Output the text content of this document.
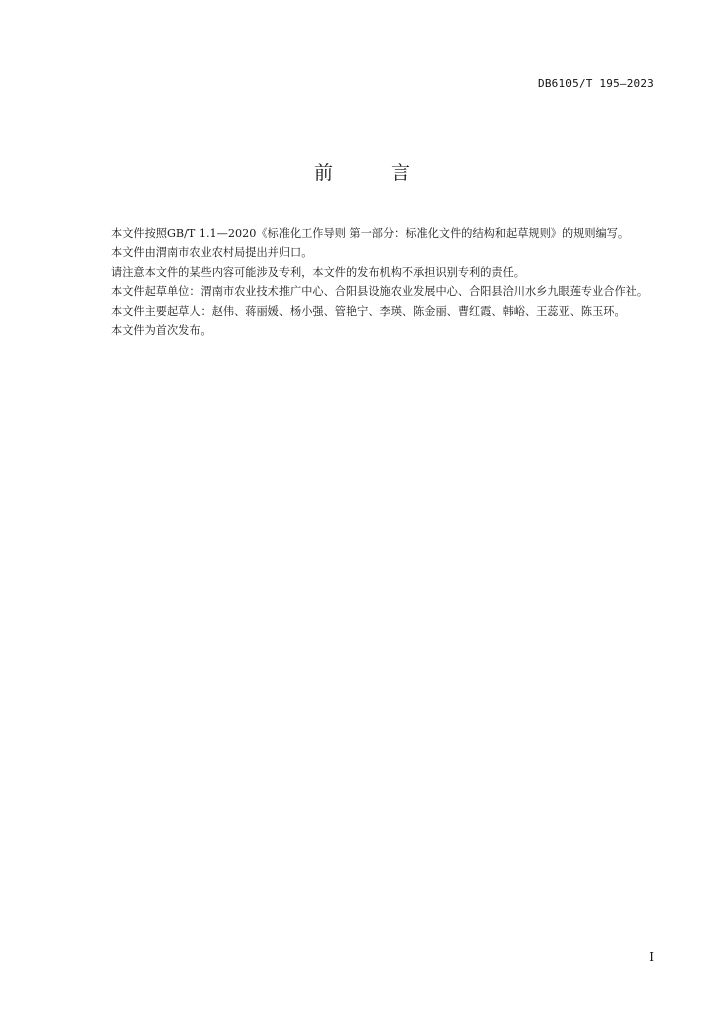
DB6105/T 195—2023
前 言

本文件按照GB/T 1.1—2020《标准化工作导则 第一部分：标准化文件的结构和起草规则》的规则编写。

本文件由渭南市农业农村局提出并归口。

请注意本文件的某些内容可能涉及专利，本文件的发布机构不承担识别专利的责任。

本文件起草单位：渭南市农业技术推广中心、合阳县设施农业发展中心、合阳县洽川水乡九眼莲专业合作社。

本文件主要起草人：赵伟、蒋丽媛、杨小强、管艳宁、李瑛、陈金丽、曹红霞、韩峪、王蕊亚、陈玉环。

本文件为首次发布。

I
